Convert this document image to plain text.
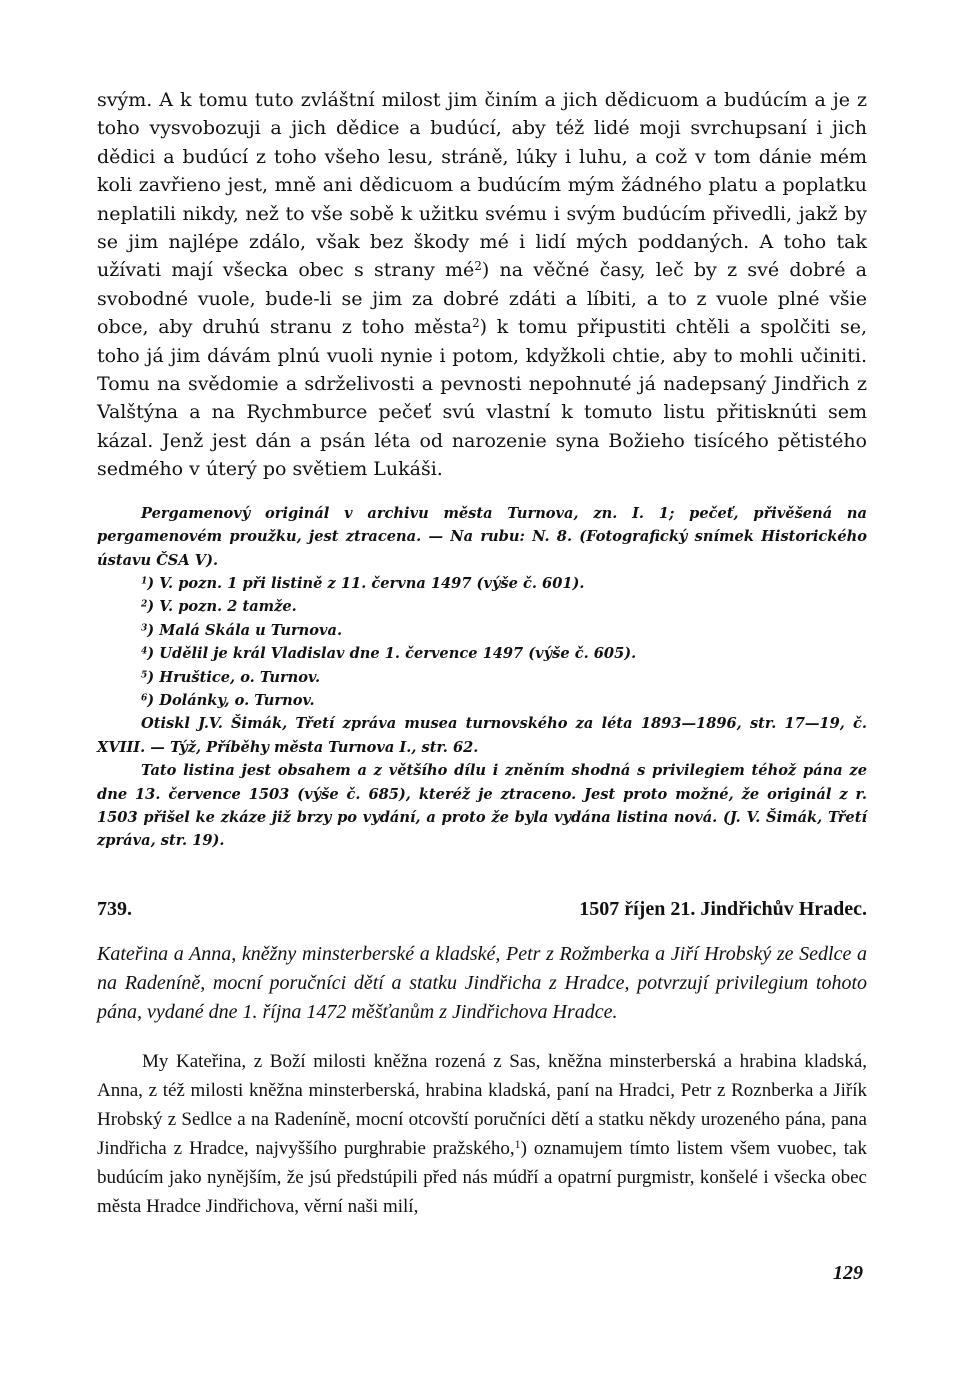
svým. A k tomu tuto zvláštní milost jim činím a jich dědicuom a budúcím a je z toho vysvobozuji a jich dědice a budúcí, aby též lidé moji svrchupsaní i jich dědici a budúcí z toho všeho lesu, stráně, lúky i luhu, a což v tom dánie mém koli zavřieno jest, mně ani dědicuom a budúcím mým žádného platu a poplatku neplatili nikdy, než to vše sobě k užitku svému i svým budúcím přivedli, jakž by se jim najlépe zdálo, však bez škody mé i lidí mých poddaných. A toho tak užívati mají všecka obec s strany $mé^2$) na věčné časy, leč by z své dobré a svobodné vuole, bude-li se jim za dobré zdáti a líbiti, a to z vuole plné všie obce, aby druhú stranu z toho města$^2$) k tomu připustiti chtěli a spolčiti se, toho já jim dávám plnú vuoli nynie i potom, kdyžkoli chtie, aby to mohli učiniti. Tomu na svědomie a sdrželivosti a pevnosti nepohnuté já nadepsaný Jindřich z Valštýna a na Rychmburce pečeť svú vlastní k tomuto listu přitisknúti sem kázal. Jenž jest dán a psán léta od narozenie syna Božieho tisícého pětistého sedmého v úterý po světiem Lukáši.

Pergamenový originál v archivu města Turnova, zn. I. 1; pečeť, přivěšená na pergamenovém proužku, jest ztracena. — Na rubu: N. 8. (Fotografický snímek Historického ústavu ČSA V).

$^1$) V. pozn. 1 při listině z 11. června 1497 (výše č. 601).

$^2$) V. pozn. 2 tamže.

$^3$) Malá Skála u Turnova.

$^4$) Udělil je král Vladislav dne 1. července 1497 (výše č. 605).

$^5$) Hruštice, o. Turnov.

$^6$) Dolánky, o. Turnov.

Otiskl J.V. Šimák, Třetí zpráva musea turnovského za léta 1893—1896, str. 17—19, č. XVIII. — Týž, Příběhy města Turnova I., str. 62.

Tato listina jest obsahem a z většího dílu i zněním shodná s privilegiem téhož pána ze dne 13. července 1503 (výše č. 685), kteréž je ztraceno. Jest proto možné, že originál z r. 1503 přišel ke zkáze již brzy po vydání, a proto že byla vydána listina nová. (J. V. Šimák, Třetí zpráva, str. 19).

739.	1507 říjen 21. Jindřichův Hradec.

Kateřina a Anna, kněžny minsterberské a kladské, Petr z Rožmberka a Jiří Hrobský ze Sedlce a na Radeníně, mocní poručníci dětí a statku Jindřicha z Hradce, potvrzují privilegium tohoto pána, vydané dne 1. října 1472 měšťanům z Jindřichova Hradce.

My Kateřina, z Boží milosti kněžna rozená z Sas, kněžna minsterberská a hrabina kladská, Anna, z též milosti kněžna minsterberská, hrabina kladská, paní na Hradci, Petr z Roznberka a Jiřík Hrobský z Sedlce a na Radeníně, mocní otcovští poručníci dětí a statku někdy urozeného pána, pana Jindřicha z Hradce, najvyššího purghrabie pražského,$^1$) oznamujem tímto listem všem vuobec, tak budúcím jako nynějším, že jsú předstúpili před nás múdří a opatrní purgmistr, konšelé i všecka obec města Hradce Jindřichova, věrní naši milí,

129
